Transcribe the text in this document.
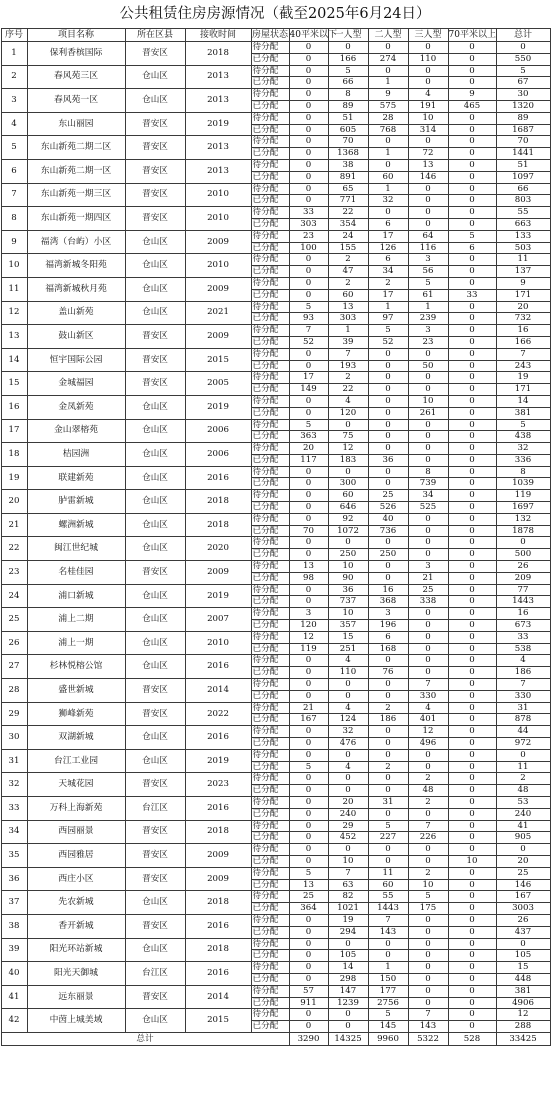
公共租赁住房房源情况（截至2025年6月24日）
序号	项目名称	所在区县	接收时间	房屋状态	40平米以下	一人型	二人型	三人型	70平米以上	总计
1	保利香槟国际	晋安区	2018	待分配	0	0	0	0	0	0
				已分配	0	166	274	110	0	550
2	春风苑三区	仓山区	2013	待分配	0	5	0	0	0	5
				已分配	0	66	1	0	0	67
3	春风苑一区	仓山区	2013	待分配	0	8	9	4	9	30
				已分配	0	89	575	191	465	1320
4	东山丽园	晋安区	2019	待分配	0	51	28	10	0	89
				已分配	0	605	768	314	0	1687
5	东山新苑二期二区	晋安区	2013	待分配	0	70	0	0	0	70
				已分配	0	1368	1	72	0	1441
6	东山新苑二期一区	晋安区	2013	待分配	0	38	0	13	0	51
				已分配	0	891	60	146	0	1097
7	东山新苑一期三区	晋安区	2010	待分配	0	65	1	0	0	66
				已分配	0	771	32	0	0	803
8	东山新苑一期四区	晋安区	2010	待分配	33	22	0	0	0	55
				已分配	303	354	6	0	0	663
9	福湾（台屿）小区	仓山区	2009	待分配	23	24	17	64	5	133
				已分配	100	155	126	116	6	503
10	福湾新城冬阳苑	仓山区	2010	待分配	0	2	6	3	0	11
				已分配	0	47	34	56	0	137
11	福湾新城秋月苑	仓山区	2009	待分配	0	2	2	5	0	9
				已分配	0	60	17	61	33	171
12	盖山新苑	仓山区	2021	待分配	5	13	1	1	0	20
				已分配	93	303	97	239	0	732
13	鼓山新区	晋安区	2009	待分配	7	1	5	3	0	16
				已分配	52	39	52	23	0	166
14	恒宇国际公园	晋安区	2015	待分配	0	7	0	0	0	7
				已分配	0	193	0	50	0	243
15	金城福园	晋安区	2005	待分配	17	2	0	0	0	19
				已分配	149	22	0	0	0	171
16	金凤新苑	仓山区	2019	待分配	0	4	0	10	0	14
				已分配	0	120	0	261	0	381
17	金山翠榕苑	仓山区	2006	待分配	5	0	0	0	0	5
				已分配	363	75	0	0	0	438
18	桔园洲	仓山区	2006	待分配	20	12	0	0	0	32
				已分配	117	183	36	0	0	336
19	联建新苑	仓山区	2016	待分配	0	0	0	8	0	8
				已分配	0	300	0	739	0	1039
20	胪雷新城	仓山区	2018	待分配	0	60	25	34	0	119
				已分配	0	646	526	525	0	1697
21	螺洲新城	仓山区	2018	待分配	0	92	40	0	0	132
				已分配	70	1072	736	0	0	1878
22	闽江世纪城	仓山区	2020	待分配	0	0	0	0	0	0
				已分配	0	250	250	0	0	500
23	名桂佳园	晋安区	2009	待分配	13	10	0	3	0	26
				已分配	98	90	0	21	0	209
24	浦口新城	仓山区	2019	待分配	0	36	16	25	0	77
				已分配	0	737	368	338	0	1443
25	浦上二期	仓山区	2007	待分配	3	10	3	0	0	16
				已分配	120	357	196	0	0	673
26	浦上一期	仓山区	2010	待分配	12	15	6	0	0	33
				已分配	119	251	168	0	0	538
27	杉林悦榕公馆	仓山区	2016	待分配	0	4	0	0	0	4
				已分配	0	110	76	0	0	186
28	盛世新城	晋安区	2014	待分配	0	0	0	7	0	7
				已分配	0	0	0	330	0	330
29	狮峰新苑	晋安区	2022	待分配	21	4	2	4	0	31
				已分配	167	124	186	401	0	878
30	双湖新城	仓山区	2016	待分配	0	32	0	12	0	44
				已分配	0	476	0	496	0	972
31	台江工业园	仓山区	2019	待分配	0	0	0	0	0	0
				已分配	5	4	2	0	0	11
32	天城花园	晋安区	2023	待分配	0	0	0	2	0	2
				已分配	0	0	0	48	0	48
33	万科上海新苑	台江区	2016	待分配	0	20	31	2	0	53
				已分配	0	240	0	0	0	240
34	西园丽景	晋安区	2018	待分配	0	29	5	7	0	41
				已分配	0	452	227	226	0	905
35	西园雅居	晋安区	2009	待分配	0	0	0	0	0	0
				已分配	0	10	0	0	10	20
36	西庄小区	晋安区	2009	待分配	5	7	11	2	0	25
				已分配	13	63	60	10	0	146
37	先农新城	仓山区	2018	待分配	25	82	55	5	0	167
				已分配	364	1021	1443	175	0	3003
38	香开新城	晋安区	2016	待分配	0	19	7	0	0	26
				已分配	0	294	143	0	0	437
39	阳光环站新城	仓山区	2018	待分配	0	0	0	0	0	0
				已分配	0	105	0	0	0	105
40	阳光天御城	台江区	2016	待分配	0	14	1	0	0	15
				已分配	0	298	150	0	0	448
41	远东丽景	晋安区	2014	待分配	57	147	177	0	0	381
				已分配	911	1239	2756	0	0	4906
42	中茵上城美域	仓山区	2015	待分配	0	0	5	7	0	12
				已分配	0	0	145	143	0	288
总计					3290	14325	9960	5322	528	33425
